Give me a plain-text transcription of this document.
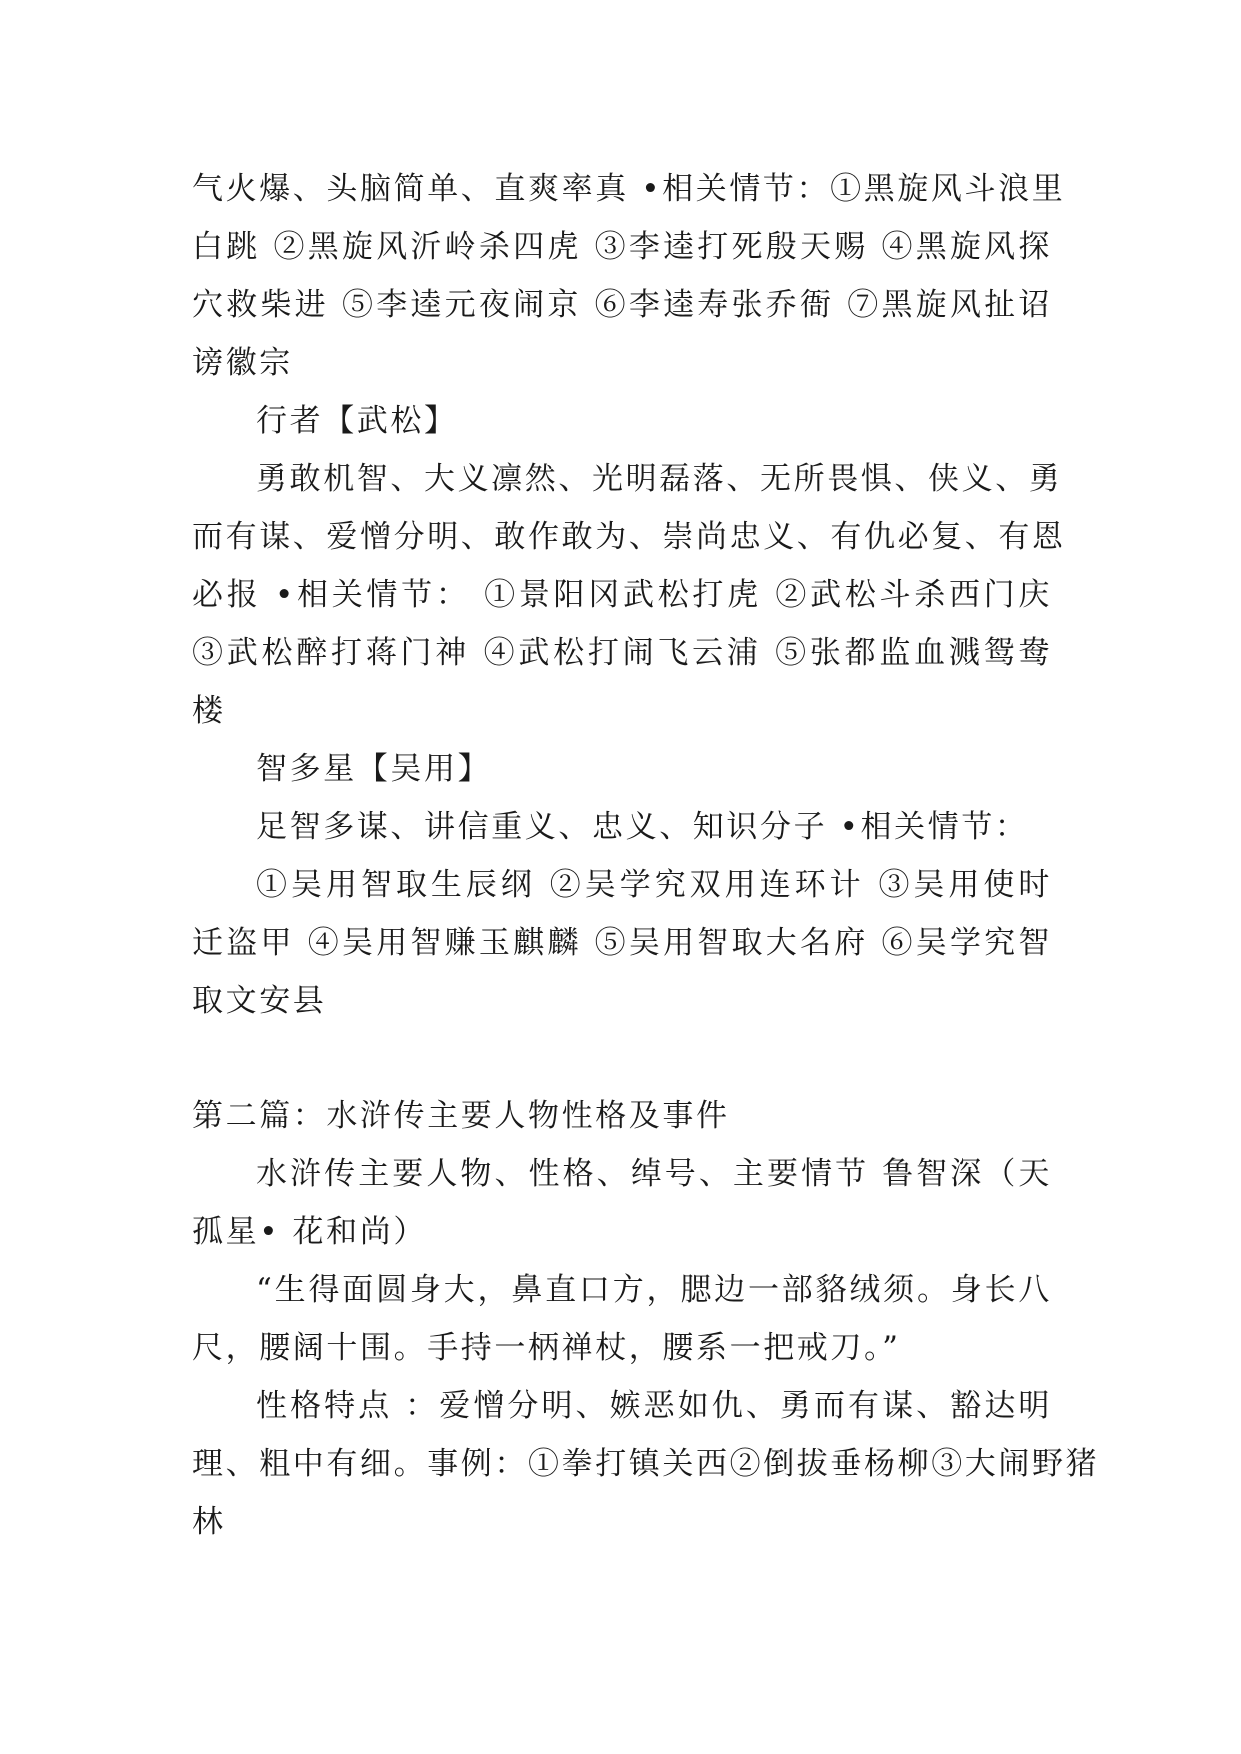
气火爆、头脑简单、直爽率真 •相关情节：①黑旋风斗浪里
白跳 ②黑旋风沂岭杀四虎 ③李逵打死殷天赐 ④黑旋风探
穴救柴进 ⑤李逵元夜闹京 ⑥李逵寿张乔衙 ⑦黑旋风扯诏
谤徽宗
行者【武松】
勇敢机智、大义凛然、光明磊落、无所畏惧、侠义、勇
而有谋、爱憎分明、敢作敢为、崇尚忠义、有仇必复、有恩
必报 •相关情节： ①景阳冈武松打虎 ②武松斗杀西门庆
③武松醉打蒋门神 ④武松打闹飞云浦 ⑤张都监血溅鸳鸯
楼
智多星【吴用】
足智多谋、讲信重义、忠义、知识分子 •相关情节：
①吴用智取生辰纲 ②吴学究双用连环计 ③吴用使时
迁盗甲 ④吴用智赚玉麒麟 ⑤吴用智取大名府 ⑥吴学究智
取文安县
第二篇：水浒传主要人物性格及事件
水浒传主要人物、性格、绰号、主要情节 鲁智深（天
孤星• 花和尚）
“生得面圆身大，鼻直口方，腮边一部貉绒须。身长八
尺，腰阔十围。手持一柄禅杖，腰系一把戒刀。”
性格特点 ：爱憎分明、嫉恶如仇、勇而有谋、豁达明
理、粗中有细。事例：①拳打镇关西②倒拔垂杨柳③大闹野猪
林
